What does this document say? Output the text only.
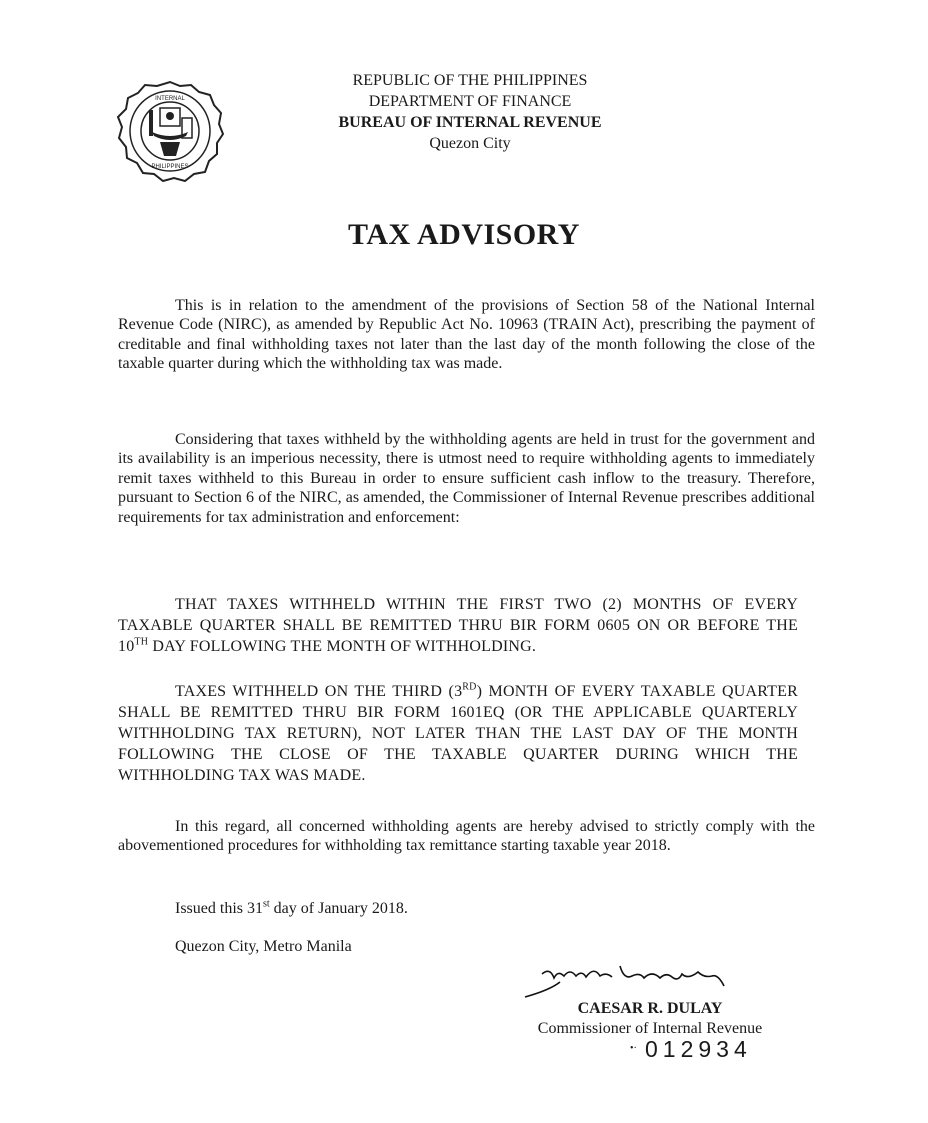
INTERNAL
PHILIPPINES
REPUBLIC OF THE PHILIPPINES
DEPARTMENT OF FINANCE
BUREAU OF INTERNAL REVENUE
Quezon City
TAX ADVISORY

This is in relation to the amendment of the provisions of Section 58 of the National Internal Revenue Code (NIRC), as amended by Republic Act No. 10963 (TRAIN Act), prescribing the payment of creditable and final withholding taxes not later than the last day of the month following the close of the taxable quarter during which the withholding tax was made.

Considering that taxes withheld by the withholding agents are held in trust for the government and its availability is an imperious necessity, there is utmost need to require withholding agents to immediately remit taxes withheld to this Bureau in order to ensure sufficient cash inflow to the treasury. Therefore, pursuant to Section 6 of the NIRC, as amended, the Commissioner of Internal Revenue prescribes additional requirements for tax administration and enforcement:

THAT TAXES WITHHELD WITHIN THE FIRST TWO (2) MONTHS OF EVERY TAXABLE QUARTER SHALL BE REMITTED THRU BIR FORM 0605 ON OR BEFORE THE 10TH DAY FOLLOWING THE MONTH OF WITHHOLDING.

TAXES WITHHELD ON THE THIRD (3RD) MONTH OF EVERY TAXABLE QUARTER SHALL BE REMITTED THRU BIR FORM 1601EQ (OR THE APPLICABLE QUARTERLY WITHHOLDING TAX RETURN), NOT LATER THAN THE LAST DAY OF THE MONTH FOLLOWING THE CLOSE OF THE TAXABLE QUARTER DURING WHICH THE WITHHOLDING TAX WAS MADE.

In this regard, all concerned withholding agents are hereby advised to strictly comply with the abovementioned procedures for withholding tax remittance starting taxable year 2018.

Issued this 31st day of January 2018.
Quezon City, Metro Manila
CAESAR R. DULAY
Commissioner of Internal Revenue
•· 012934
